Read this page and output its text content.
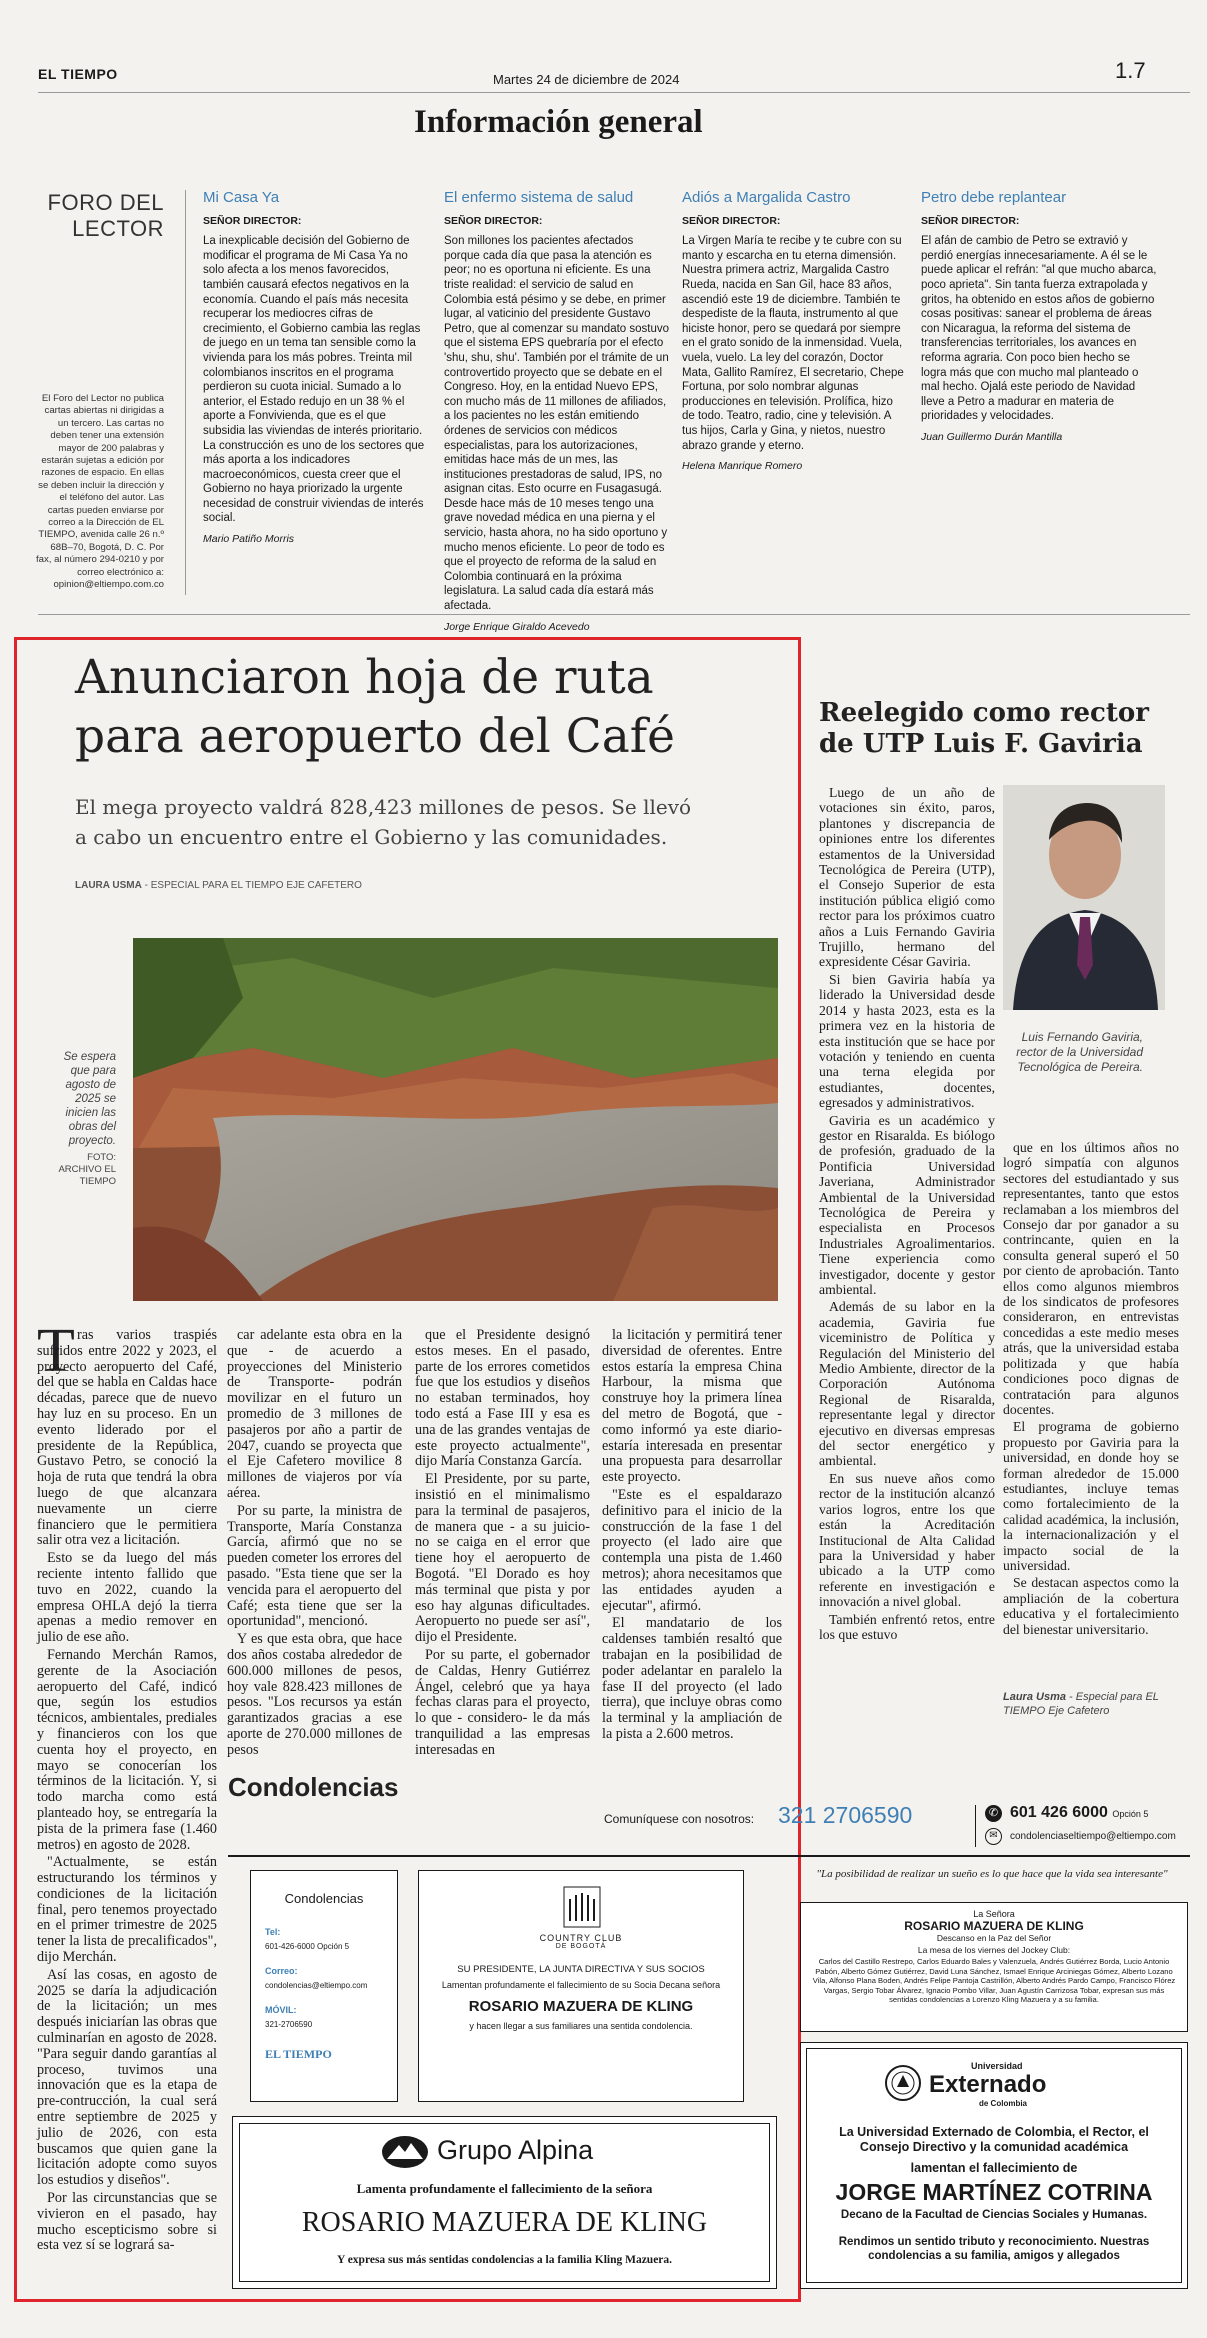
EL TIEMPO	Martes 24 de diciembre de 2024	1.7
Información general
FORO DEL
LECTOR
El Foro del Lector no publica cartas abiertas ni dirigidas a un tercero. Las cartas no deben tener una extensión mayor de 200 palabras y estarán sujetas a edición por razones de espacio. En ellas se deben incluir la dirección y el teléfono del autor. Las cartas pueden enviarse por correo a la Dirección de EL TIEMPO, avenida calle 26 n.º 68B–70, Bogotá, D. C. Por fax, al número 294-0210 y por correo electrónico a: opinion@eltiempo.com.co
Mi Casa Ya
SEÑOR DIRECTOR:

La inexplicable decisión del Gobierno de modificar el programa de Mi Casa Ya no solo afecta a los menos favorecidos, también causará efectos negativos en la economía. Cuando el país más necesita recuperar los mediocres cifras de crecimiento, el Gobierno cambia las reglas de juego en un tema tan sensible como la vivienda para los más pobres. Treinta mil colombianos inscritos en el programa perdieron su cuota inicial. Sumado a lo anterior, el Estado redujo en un 38 % el aporte a Fonvivienda, que es el que subsidia las viviendas de interés prioritario. La construcción es uno de los sectores que más aporta a los indicadores macroeconómicos, cuesta creer que el Gobierno no haya priorizado la urgente necesidad de construir viviendas de interés social.

Mario Patiño Morris
El enfermo sistema de salud
SEÑOR DIRECTOR:

Son millones los pacientes afectados porque cada día que pasa la atención es peor; no es oportuna ni eficiente. Es una triste realidad: el servicio de salud en Colombia está pésimo y se debe, en primer lugar, al vaticinio del presidente Gustavo Petro, que al comenzar su mandato sostuvo que el sistema EPS quebraría por el efecto 'shu, shu, shu'. También por el trámite de un controvertido proyecto que se debate en el Congreso. Hoy, en la entidad Nuevo EPS, con mucho más de 11 millones de afiliados, a los pacientes no les están emitiendo órdenes de servicios con médicos especialistas, para los autorizaciones, emitidas hace más de un mes, las instituciones prestadoras de salud, IPS, no asignan citas. Esto ocurre en Fusagasugá. Desde hace más de 10 meses tengo una grave novedad médica en una pierna y el servicio, hasta ahora, no ha sido oportuno y mucho menos eficiente. Lo peor de todo es que el proyecto de reforma de la salud en Colombia continuará en la próxima legislatura. La salud cada día estará más afectada.

Jorge Enrique Giraldo Acevedo
Adiós a Margalida Castro
SEÑOR DIRECTOR:

La Virgen María te recibe y te cubre con su manto y escarcha en tu eterna dimensión. Nuestra primera actriz, Margalida Castro Rueda, nacida en San Gil, hace 83 años, ascendió este 19 de diciembre. También te despediste de la flauta, instrumento al que hiciste honor, pero se quedará por siempre en el grato sonido de la inmensidad. Vuela, vuela, vuelo. La ley del corazón, Doctor Mata, Gallito Ramírez, El secretario, Chepe Fortuna, por solo nombrar algunas producciones en televisión. Prolífica, hizo de todo. Teatro, radio, cine y televisión. A tus hijos, Carla y Gina, y nietos, nuestro abrazo grande y eterno.

Helena Manrique Romero
Petro debe replantear
SEÑOR DIRECTOR:

El afán de cambio de Petro se extravió y perdió energías innecesariamente. A él se le puede aplicar el refrán: "al que mucho abarca, poco aprieta". Sin tanta fuerza extrapolada y gritos, ha obtenido en estos años de gobierno cosas positivas: sanear el problema de áreas con Nicaragua, la reforma del sistema de transferencias territoriales, los avances en reforma agraria. Con poco bien hecho se logra más que con mucho mal planteado o mal hecho. Ojalá este periodo de Navidad lleve a Petro a madurar en materia de prioridades y velocidades.

Juan Guillermo Durán Mantilla
Anunciaron hoja de ruta para aeropuerto del Café
El mega proyecto valdrá 828,423 millones de pesos. Se llevó a cabo un encuentro entre el Gobierno y las comunidades.
LAURA USMA - ESPECIAL PARA EL TIEMPO EJE CAFETERO
Se espera que para agosto de 2025 se inicien las obras del proyecto.
FOTO: ARCHIVO EL TIEMPO
T ras varios traspiés sufridos entre 2022 y 2023, el proyecto aeropuerto del Café, del que se habla en Caldas hace décadas, parece que de nuevo hay luz en su proceso. En un evento liderado por el presidente de la República, Gustavo Petro, se conoció la hoja de ruta que tendrá la obra luego de que alcanzara nuevamente un cierre financiero que le permitiera salir otra vez a licitación.

Esto se da luego del más reciente intento fallido que tuvo en 2022, cuando la empresa OHLA dejó la tierra apenas a medio remover en julio de ese año.

Fernando Merchán Ramos, gerente de la Asociación aeropuerto del Café, indicó que, según los estudios técnicos, ambientales, prediales y financieros con los que cuenta hoy el proyecto, en mayo se conocerían los términos de la licitación. Y, si todo marcha como está planteado hoy, se entregaría la pista de la primera fase (1.460 metros) en agosto de 2028.

"Actualmente, se están estructurando los términos y condiciones de la licitación final, pero tenemos proyectado en el primer trimestre de 2025 tener la lista de precalificados", dijo Merchán.

Así las cosas, en agosto de 2025 se daría la adjudicación de la licitación; un mes después iniciarían las obras que culminarían en agosto de 2028. "Para seguir dando garantías al proceso, tuvimos una innovación que es la etapa de pre-contrucción, la cual será entre septiembre de 2025 y julio de 2026, con esta buscamos que quien gane la licitación adopte como suyos los estudios y diseños".

Por las circunstancias que se vivieron en el pasado, hay mucho escepticismo sobre si esta vez sí se logrará sa-

car adelante esta obra en la que - de acuerdo a proyecciones del Ministerio de Transporte- podrán movilizar en el futuro un promedio de 3 millones de pasajeros por año a partir de 2047, cuando se proyecta que el Eje Cafetero movilice 8 millones de viajeros por vía aérea.

Por su parte, la ministra de Transporte, María Constanza García, afirmó que no se pueden cometer los errores del pasado. "Esta tiene que ser la vencida para el aeropuerto del Café; esta tiene que ser la oportunidad", mencionó.

Y es que esta obra, que hace dos años costaba alrededor de 600.000 millones de pesos, hoy vale 828.423 millones de pesos. "Los recursos ya están garantizados gracias a ese aporte de 270.000 millones de pesos

que el Presidente designó estos meses. En el pasado, parte de los errores cometidos fue que los estudios y diseños no estaban terminados, hoy todo está a Fase III y esa es una de las grandes ventajas de este proyecto actualmente", dijo María Constanza García.

El Presidente, por su parte, insistió en el minimalismo para la terminal de pasajeros, de manera que - a su juicio- no se caiga en el error que tiene hoy el aeropuerto de Bogotá. "El Dorado es hoy más terminal que pista y por eso hay algunas dificultades. Aeropuerto no puede ser así", dijo el Presidente.

Por su parte, el gobernador de Caldas, Henry Gutiérrez Ángel, celebró que ya haya fechas claras para el proyecto, lo que - considero- le da más tranquilidad a las empresas interesadas en

la licitación y permitirá tener diversidad de oferentes. Entre estos estaría la empresa China Harbour, la misma que construye hoy la primera línea del metro de Bogotá, que -como informó ya este diario- estaría interesada en presentar una propuesta para desarrollar este proyecto.

"Este es el espaldarazo definitivo para el inicio de la construcción de la fase 1 del proyecto (el lado aire que contempla una pista de 1.460 metros); ahora necesitamos que las entidades ayuden a ejecutar", afirmó.

El mandatario de los caldenses también resaltó que trabajan en la posibilidad de poder adelantar en paralelo la fase II del proyecto (el lado tierra), que incluye obras como la terminal y la ampliación de la pista a 2.600 metros.

Reelegido como rector de UTP Luis F. Gaviria

Luego de un año de votaciones sin éxito, paros, plantones y discrepancia de opiniones entre los diferentes estamentos de la Universidad Tecnológica de Pereira (UTP), el Consejo Superior de esta institución pública eligió como rector para los próximos cuatro años a Luis Fernando Gaviria Trujillo, hermano del expresidente César Gaviria.

Si bien Gaviria había ya liderado la Universidad desde 2014 y hasta 2023, esta es la primera vez en la historia de esta institución que se hace por votación y teniendo en cuenta una terna elegida por estudiantes, docentes, egresados y administrativos.

Gaviria es un académico y gestor en Risaralda. Es biólogo de profesión, graduado de la Pontificia Universidad Javeriana, Administrador Ambiental de la Universidad Tecnológica de Pereira y especialista en Procesos Industriales Agroalimentarios. Tiene experiencia como investigador, docente y gestor ambiental.

Además de su labor en la academia, Gaviria fue viceministro de Política y Regulación del Ministerio del Medio Ambiente, director de la Corporación Autónoma Regional de Risaralda, representante legal y director ejecutivo en diversas empresas del sector energético y ambiental.

En sus nueve años como rector de la institución alcanzó varios logros, entre los que están la Acreditación Institucional de Alta Calidad para la Universidad y haber ubicado a la UTP como referente en investigación e innovación a nivel global.

También enfrentó retos, entre los que estuvo

Luis Fernando Gaviria, rector de la Universidad Tecnológica de Pereira.

que en los últimos años no logró simpatía con algunos sectores del estudiantado y sus representantes, tanto que estos reclamaban a los miembros del Consejo dar por ganador a su contrincante, quien en la consulta general superó el 50 por ciento de aprobación. Tanto ellos como algunos miembros de los sindicatos de profesores consideraron, en entrevistas concedidas a este medio meses atrás, que la universidad estaba politizada y que había condiciones poco dignas de contratación para algunos docentes.

El programa de gobierno propuesto por Gaviria para la universidad, en donde hoy se forman alrededor de 15.000 estudiantes, incluye temas como fortalecimiento de la calidad académica, la inclusión, la internacionalización y el impacto social de la universidad.

Se destacan aspectos como la ampliación de la cobertura educativa y el fortalecimiento del bienestar universitario.

Laura Usma - Especial para EL TIEMPO Eje Cafetero
Condolencias
Comuníquese con nosotros: 321 2706590	✆ 601 426 6000 Opción 5
✉	condolenciaseltiempo@eltiempo.com
Condolencias
Tel:
601-426-6000 Opción 5
Correo:
condolencias@eltiempo.com
MÓVIL:
321-2706590
EL TIEMPO
COUNTRY CLUB
DE BOGOTÁ
SU PRESIDENTE, LA JUNTA DIRECTIVA Y SUS SOCIOS
Lamentan profundamente el fallecimiento de su Socia Decana señora
ROSARIO MAZUERA DE KLING
y hacen llegar a sus familiares una sentida condolencia.
Grupo Alpina
Lamenta profundamente el fallecimiento de la señora
ROSARIO MAZUERA DE KLING
Y expresa sus más sentidas condolencias a la familia Kling Mazuera.
"La posibilidad de realizar un sueño es lo que hace que la vida sea interesante"
La Señora
ROSARIO MAZUERA DE KLING
Descanso en la Paz del Señor
La mesa de los viernes del Jockey Club:
Carlos del Castillo Restrepo, Carlos Eduardo Bales y Valenzuela, Andrés Gutiérrez Borda, Lucio Antonio Pabón, Alberto Gómez Gutiérrez, David Luna Sánchez, Ismael Enrique Arciniegas Gómez, Alberto Lozano Vila, Alfonso Plana Boden, Andrés Felipe Pantoja Castrillón, Alberto Andrés Pardo Campo, Francisco Flórez Vargas, Sergio Tobar Álvarez, Ignacio Pombo Villar, Juan Agustín Carrizosa Tobar, expresan sus más sentidas condolencias a Lorenzo Kling Mazuera y a su familia.
Universidad
Externado
de Colombia
La Universidad Externado de Colombia, el Rector, el Consejo Directivo y la comunidad académica
lamentan el fallecimiento de
JORGE MARTÍNEZ COTRINA
Decano de la Facultad de Ciencias Sociales y Humanas.
Rendimos un sentido tributo y reconocimiento. Nuestras condolencias a su familia, amigos y allegados
